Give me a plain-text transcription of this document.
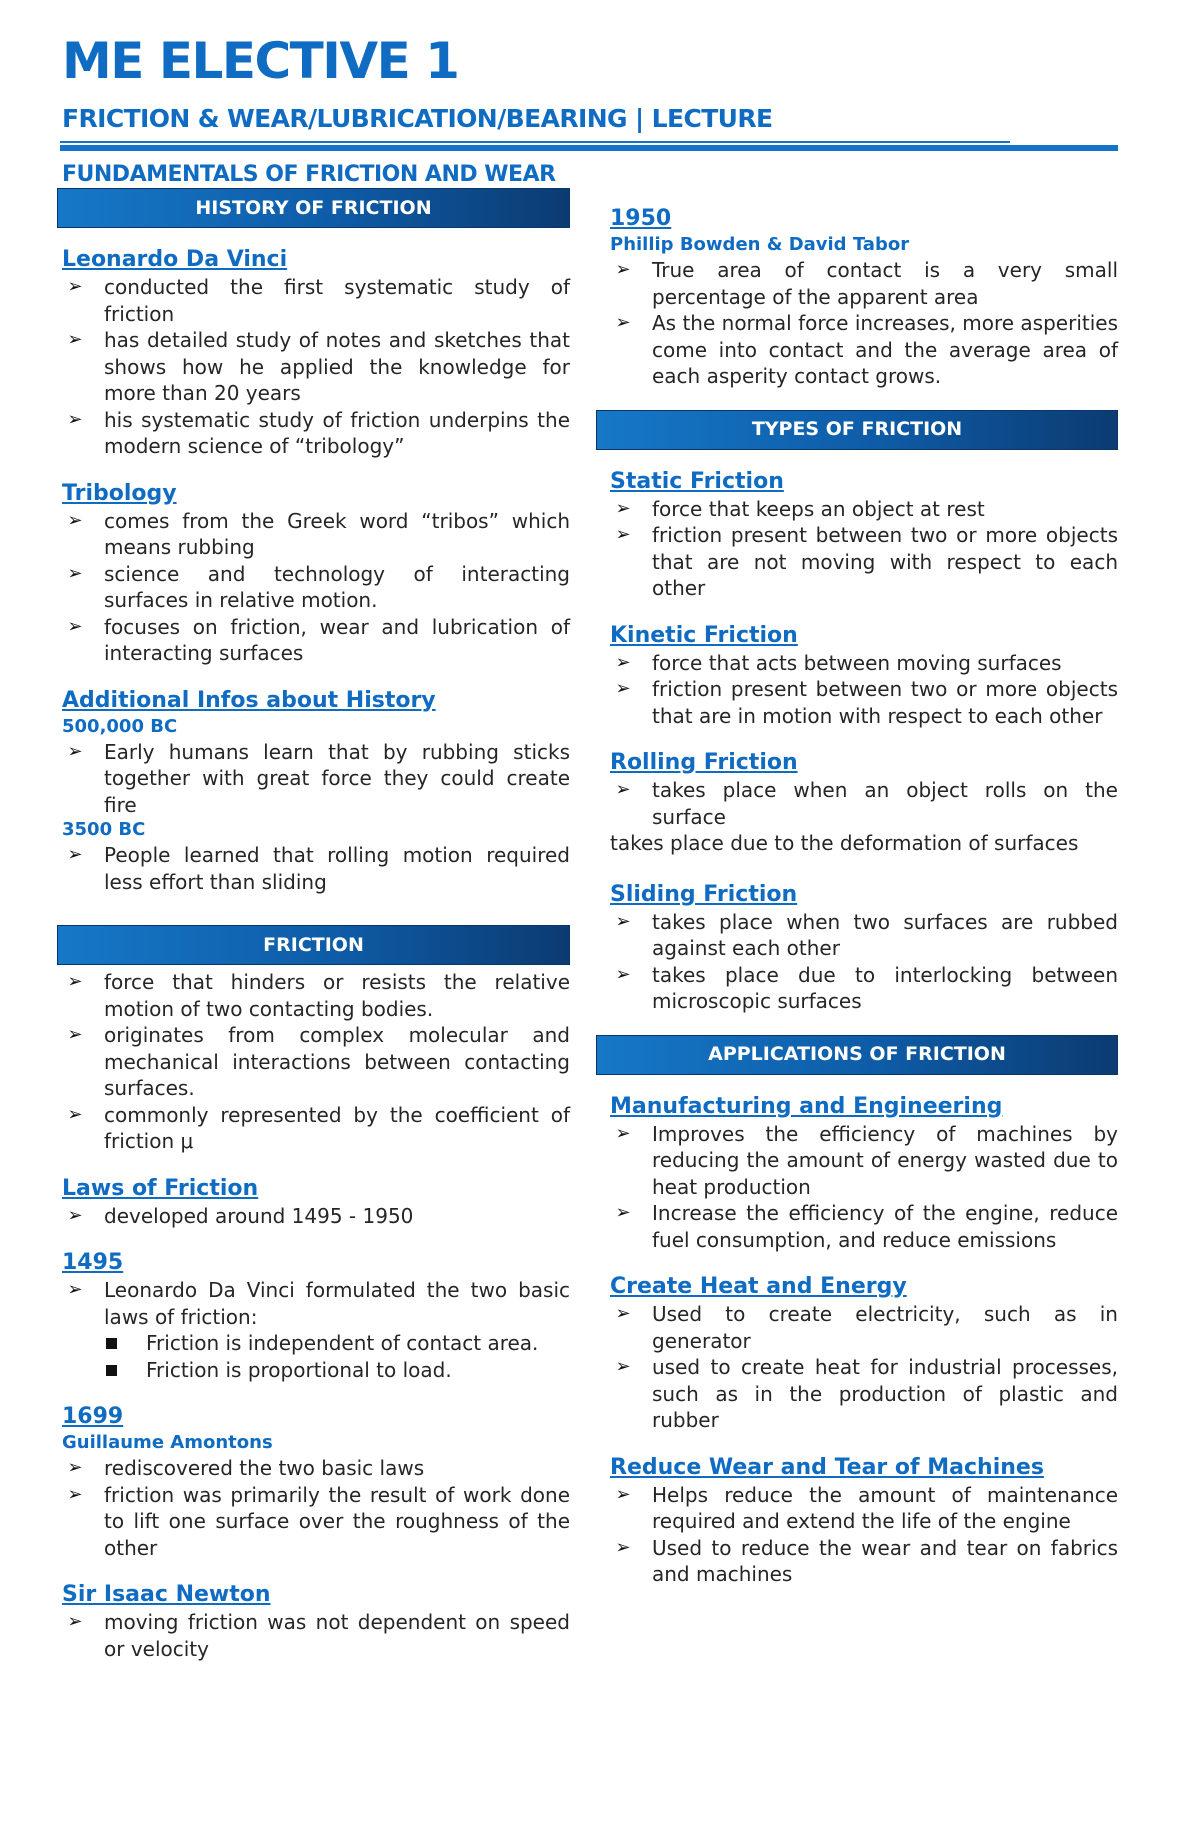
ME ELECTIVE 1
FRICTION & WEAR/LUBRICATION/BEARING | LECTURE
FUNDAMENTALS OF FRICTION AND WEAR
HISTORY OF FRICTION

Leonardo Da Vinci

➢ conducted the first systematic study of friction
➢ has detailed study of notes and sketches that shows how he applied the knowledge for more than 20 years
➢ his systematic study of friction underpins the modern science of “tribology”

Tribology

➢ comes from the Greek word “tribos” which means rubbing
➢ science and technology of interacting surfaces in relative motion.
➢ focuses on friction, wear and lubrication of interacting surfaces

Additional Infos about History

500,000 BC

➢ Early humans learn that by rubbing sticks together with great force they could create fire

3500 BC

➢ People learned that rolling motion required less effort than sliding
FRICTION
➢ force that hinders or resists the relative motion of two contacting bodies.
➢ originates from complex molecular and mechanical interactions between contacting surfaces.
➢ commonly represented by the coefficient of friction μ

Laws of Friction

➢ developed around 1495 - 1950

1495

➢ Leonardo Da Vinci formulated the two basic laws of friction:
Friction is independent of contact area.
Friction is proportional to load.

1699

Guillaume Amontons

➢ rediscovered the two basic laws
➢ friction was primarily the result of work done to lift one surface over the roughness of the other

Sir Isaac Newton

➢ moving friction was not dependent on speed or velocity

1950

Phillip Bowden & David Tabor

➢ True area of contact is a very small percentage of the apparent area
➢ As the normal force increases, more asperities come into contact and the average area of each asperity contact grows.
TYPES OF FRICTION

Static Friction

➢ force that keeps an object at rest
➢ friction present between two or more objects that are not moving with respect to each other

Kinetic Friction

➢ force that acts between moving surfaces
➢ friction present between two or more objects that are in motion with respect to each other

Rolling Friction

➢ takes place when an object rolls on the surface

takes place due to the deformation of surfaces

Sliding Friction

➢ takes place when two surfaces are rubbed against each other
➢ takes place due to interlocking between microscopic surfaces
APPLICATIONS OF FRICTION

Manufacturing and Engineering

➢ Improves the efficiency of machines by reducing the amount of energy wasted due to heat production
➢ Increase the efficiency of the engine, reduce fuel consumption, and reduce emissions

Create Heat and Energy

➢ Used to create electricity, such as in generator
➢ used to create heat for industrial processes, such as in the production of plastic and rubber

Reduce Wear and Tear of Machines

➢ Helps reduce the amount of maintenance required and extend the life of the engine
➢ Used to reduce the wear and tear on fabrics and machines
